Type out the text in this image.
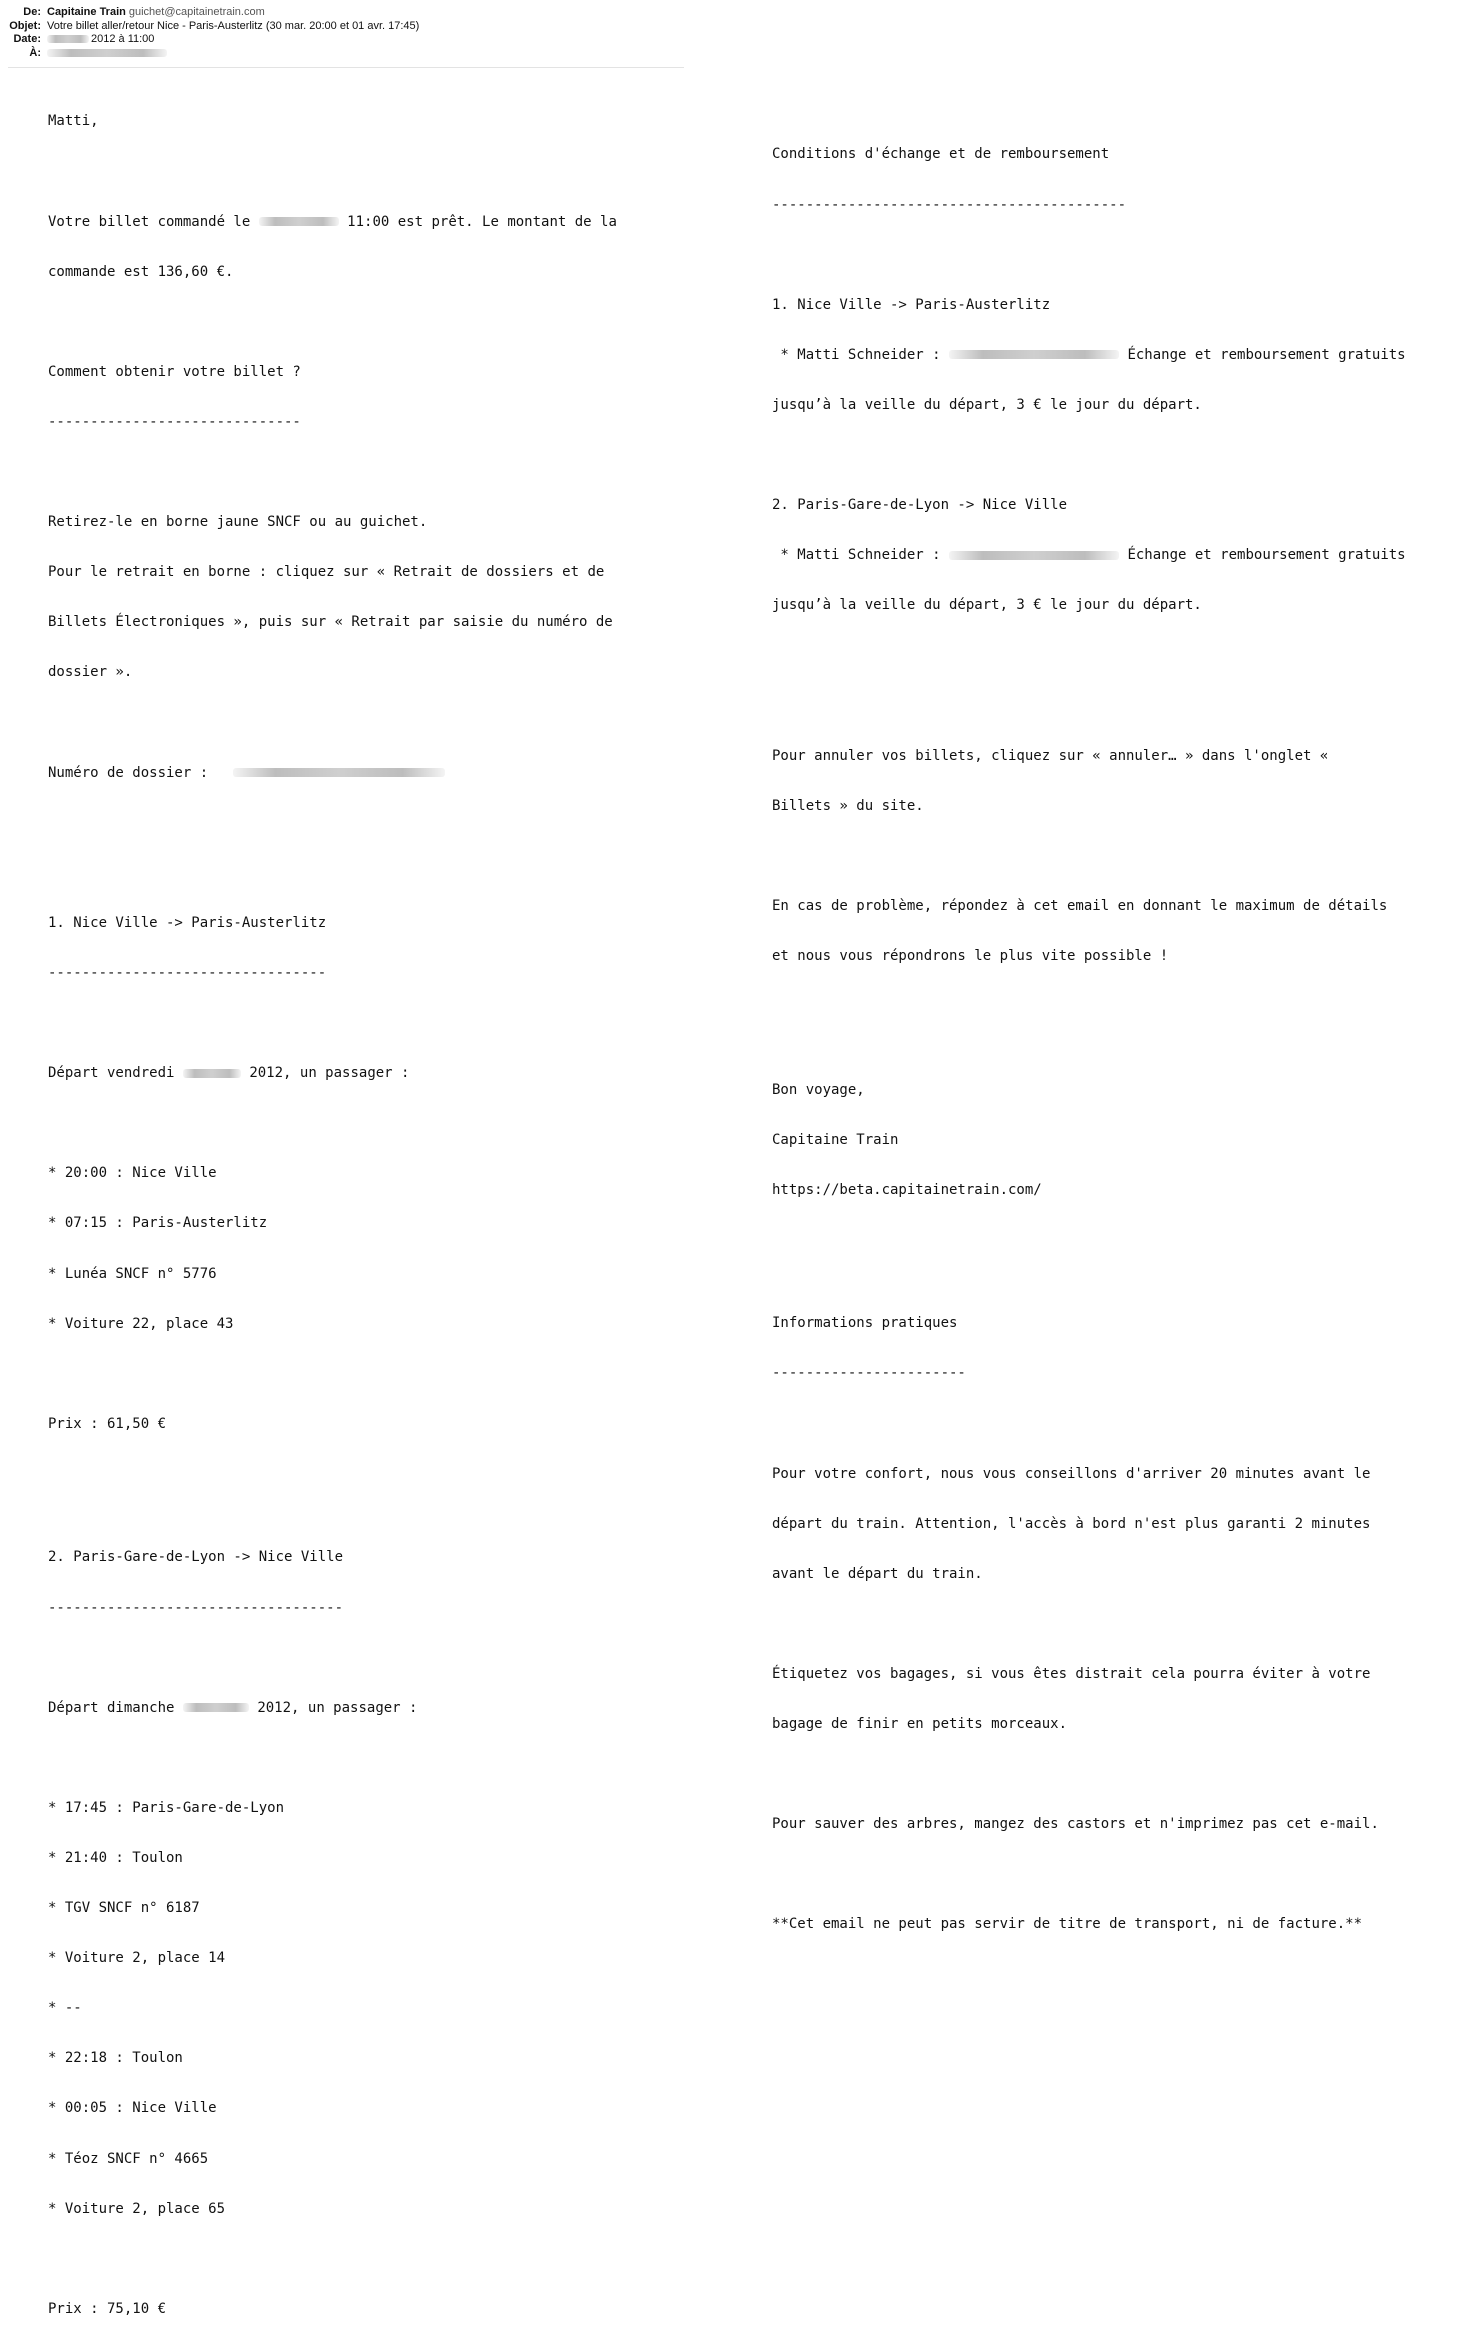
De: Capitaine Train guichet@capitainetrain.com
Objet: Votre billet aller/retour Nice - Paris-Austerlitz (30 mar. 20:00 et 01 avr. 17:45)
Date:	2012 à 11:00
À:

Matti,

Votre billet commandé le	11:00 est prêt. Le montant de la

commande est 136,60 €.

Comment obtenir votre billet ?

------------------------------

Retirez-le en borne jaune SNCF ou au guichet.

Pour le retrait en borne : cliquez sur « Retrait de dossiers et de

Billets Électroniques », puis sur « Retrait par saisie du numéro de

dossier ».

Numéro de dossier :

1. Nice Ville -> Paris-Austerlitz

---------------------------------

Départ vendredi	2012, un passager :

* 20:00 : Nice Ville

* 07:15 : Paris-Austerlitz

* Lunéa SNCF n° 5776

* Voiture 22, place 43

Prix : 61,50 €

2. Paris-Gare-de-Lyon -> Nice Ville

-----------------------------------

Départ dimanche	2012, un passager :

* 17:45 : Paris-Gare-de-Lyon

* 21:40 : Toulon

* TGV SNCF n° 6187

* Voiture 2, place 14

* --

* 22:18 : Toulon

* 00:05 : Nice Ville

* Téoz SNCF n° 4665

* Voiture 2, place 65

Prix : 75,10 €

Conditions d'échange et de remboursement

------------------------------------------

1. Nice Ville -> Paris-Austerlitz

* Matti Schneider :	Échange et remboursement gratuits

jusqu’à la veille du départ, 3 € le jour du départ.

2. Paris-Gare-de-Lyon -> Nice Ville

* Matti Schneider :	Échange et remboursement gratuits

jusqu’à la veille du départ, 3 € le jour du départ.

Pour annuler vos billets, cliquez sur « annuler… » dans l'onglet «

Billets » du site.

En cas de problème, répondez à cet email en donnant le maximum de détails

et nous vous répondrons le plus vite possible !

Bon voyage,

Capitaine Train

https://beta.capitainetrain.com/

Informations pratiques

-----------------------

Pour votre confort, nous vous conseillons d'arriver 20 minutes avant le

départ du train. Attention, l'accès à bord n'est plus garanti 2 minutes

avant le départ du train.

Étiquetez vos bagages, si vous êtes distrait cela pourra éviter à votre

bagage de finir en petits morceaux.

Pour sauver des arbres, mangez des castors et n'imprimez pas cet e-mail.

**Cet email ne peut pas servir de titre de transport, ni de facture.**
